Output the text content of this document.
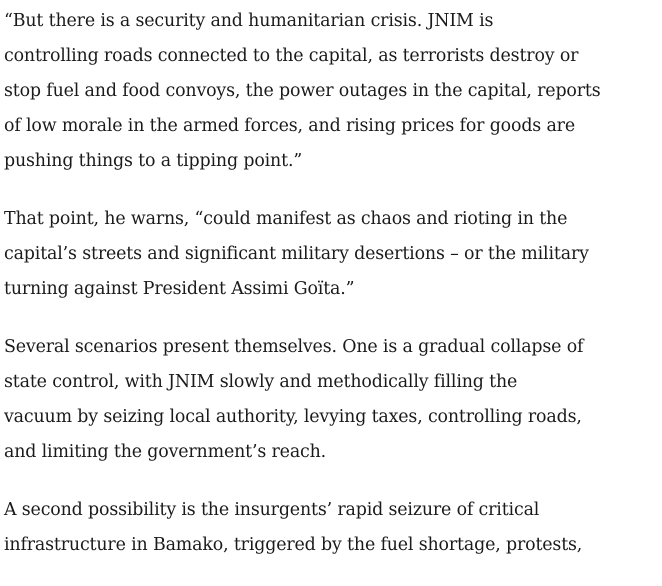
“But there is a security and humanitarian crisis. JNIM is
controlling roads connected to the capital, as terrorists destroy or
stop fuel and food convoys, the power outages in the capital, reports
of low morale in the armed forces, and rising prices for goods are
pushing things to a tipping point.”

That point, he warns, “could manifest as chaos and rioting in the
capital’s streets and significant military desertions – or the military
turning against President Assimi Goïta.”

Several scenarios present themselves. One is a gradual collapse of
state control, with JNIM slowly and methodically filling the
vacuum by seizing local authority, levying taxes, controlling roads,
and limiting the government’s reach.

A second possibility is the insurgents’ rapid seizure of critical
infrastructure in Bamako, triggered by the fuel shortage, protests,
